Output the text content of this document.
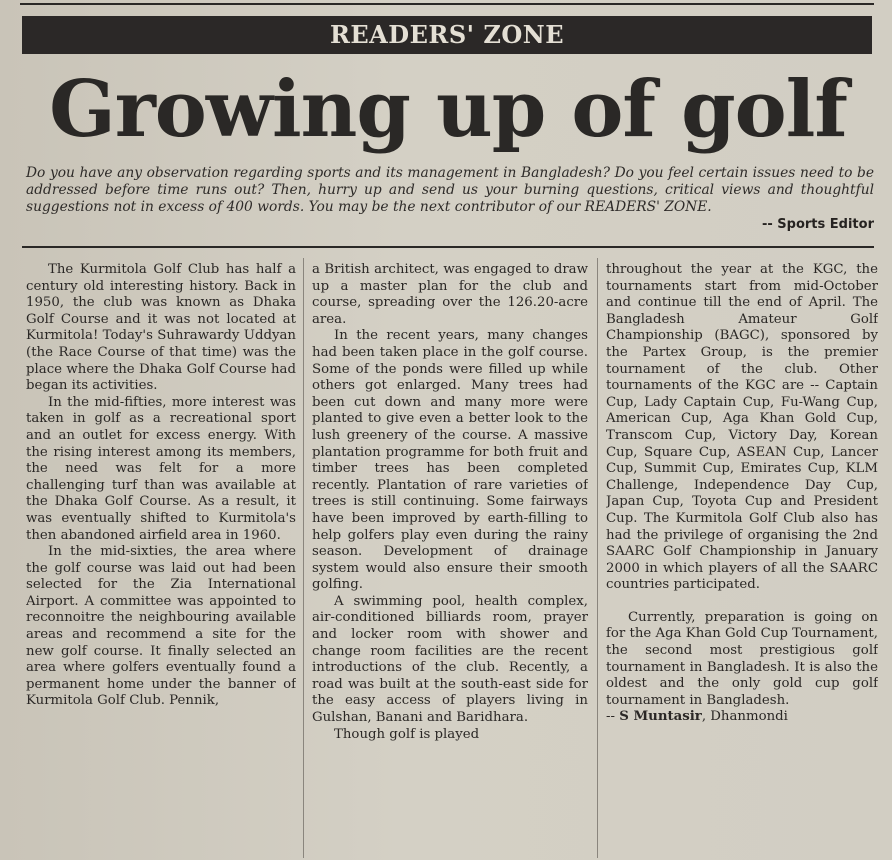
READERS' ZONE
Growing up of golf
Do you have any observation regarding sports and its management in Bangladesh? Do you feel certain issues need to be addressed before time runs out? Then, hurry up and send us your burning questions, critical views and thoughtful suggestions not in excess of 400 words. You may be the next contributor of our READERS' ZONE.
-- Sports Editor

The Kurmitola Golf Club has half a century old interesting history. Back in 1950, the club was known as Dhaka Golf Course and it was not located at Kurmitola! Today's Suhrawardy Uddyan (the Race Course of that time) was the place where the Dhaka Golf Course had began its activities.

In the mid-fifties, more interest was taken in golf as a recreational sport and an outlet for excess energy. With the rising interest among its members, the need was felt for a more challenging turf than was available at the Dhaka Golf Course. As a result, it was eventually shifted to Kurmitola's then abandoned airfield area in 1960.

In the mid-sixties, the area where the golf course was laid out had been selected for the Zia International Airport. A committee was appointed to reconnoitre the neighbouring available areas and recommend a site for the new golf course. It finally selected an area where golfers eventually found a permanent home under the banner of Kurmitola Golf Club. Pennik,

a British architect, was engaged to draw up a master plan for the club and course, spreading over the 126.20-acre area.

In the recent years, many changes had been taken place in the golf course. Some of the ponds were filled up while others got enlarged. Many trees had been cut down and many more were planted to give even a better look to the lush greenery of the course. A massive plantation programme for both fruit and timber trees has been completed recently. Plantation of rare varieties of trees is still continuing. Some fairways have been improved by earth-filling to help golfers play even during the rainy season. Development of drainage system would also ensure their smooth golfing.

A swimming pool, health complex, air-conditioned billiards room, prayer and locker room with shower and change room facilities are the recent introductions of the club. Recently, a road was built at the south-east side for the easy access of players living in Gulshan, Banani and Baridhara.

Though golf is played

throughout the year at the KGC, the tournaments start from mid-October and continue till the end of April. The Bangladesh Amateur Golf Championship (BAGC), sponsored by the Partex Group, is the premier tournament of the club. Other tournaments of the KGC are -- Captain Cup, Lady Captain Cup, Fu-Wang Cup, American Cup, Aga Khan Gold Cup, Transcom Cup, Victory Day, Korean Cup, Square Cup, ASEAN Cup, Lancer Cup, Summit Cup, Emirates Cup, KLM Challenge, Independence Day Cup, Japan Cup, Toyota Cup and President Cup. The Kurmitola Golf Club also has had the privilege of organising the 2nd SAARC Golf Championship in January 2000 in which players of all the SAARC countries participated.

Currently, preparation is going on for the Aga Khan Gold Cup Tournament, the second most prestigious golf tournament in Bangladesh. It is also the oldest and the only gold cup golf tournament in Bangladesh.

-- S Muntasir, Dhanmondi
